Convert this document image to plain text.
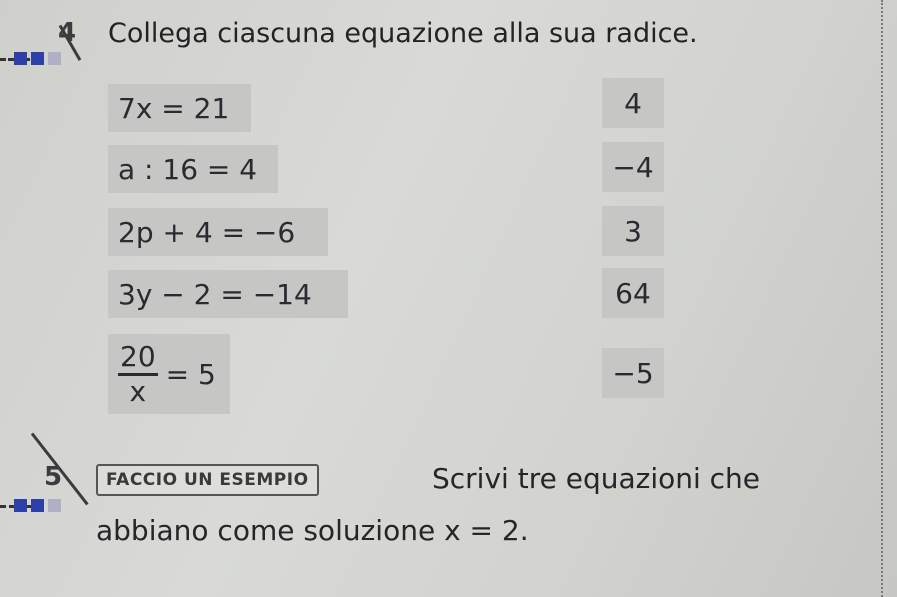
4 Collega ciascuna equazione alla sua radice.
7x = 21
a : 16 = 4
2p + 4 = −6
3y − 2 = −14
$\frac{20}{x} = 5$
4
−4
3
64
−5
5	FACCIO UN ESEMPIO	Scrivi tre equazioni che
abbiano come soluzione x = 2.
